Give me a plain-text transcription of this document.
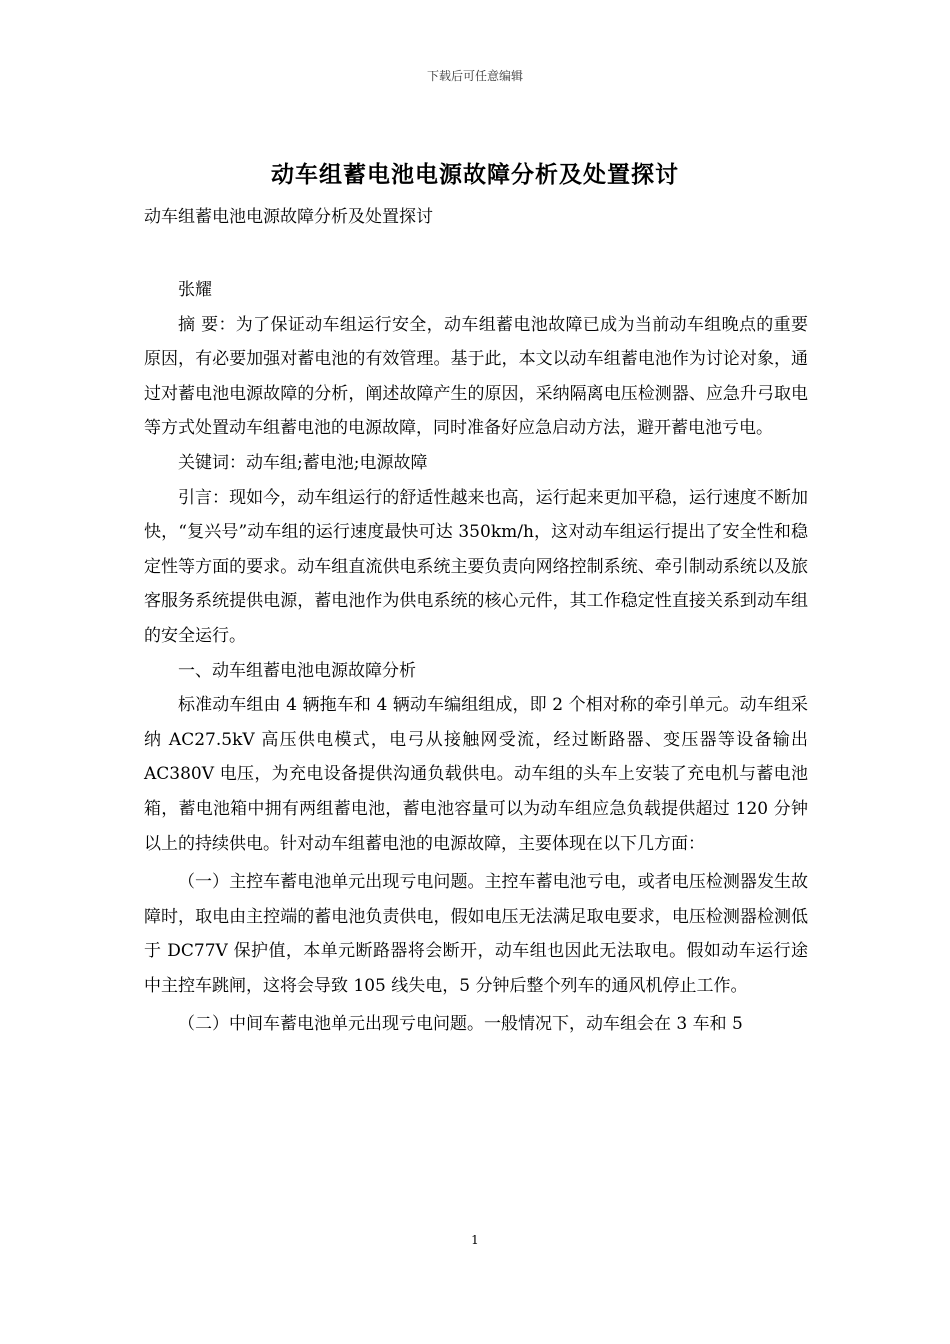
下载后可任意编辑
动车组蓄电池电源故障分析及处置探讨
动车组蓄电池电源故障分析及处置探讨

张耀

摘 要：为了保证动车组运行安全，动车组蓄电池故障已成为当前动车组晚点的重要原因，有必要加强对蓄电池的有效管理。基于此，本文以动车组蓄电池作为讨论对象，通过对蓄电池电源故障的分析，阐述故障产生的原因，采纳隔离电压检测器、应急升弓取电等方式处置动车组蓄电池的电源故障，同时准备好应急启动方法，避开蓄电池亏电。

关键词：动车组;蓄电池;电源故障

引言：现如今，动车组运行的舒适性越来也高，运行起来更加平稳，运行速度不断加快，“复兴号”动车组的运行速度最快可达 350km/h，这对动车组运行提出了安全性和稳定性等方面的要求。动车组直流供电系统主要负责向网络控制系统、牵引制动系统以及旅客服务系统提供电源，蓄电池作为供电系统的核心元件，其工作稳定性直接关系到动车组的安全运行。

一、动车组蓄电池电源故障分析

标准动车组由 4 辆拖车和 4 辆动车编组组成，即 2 个相对称的牵引单元。动车组采纳 AC27.5kV 高压供电模式，电弓从接触网受流，经过断路器、变压器等设备输出 AC380V 电压，为充电设备提供沟通负载供电。动车组的头车上安装了充电机与蓄电池箱，蓄电池箱中拥有两组蓄电池，蓄电池容量可以为动车组应急负载提供超过 120 分钟以上的持续供电。针对动车组蓄电池的电源故障，主要体现在以下几方面：

（一）主控车蓄电池单元出现亏电问题。主控车蓄电池亏电，或者电压检测器发生故障时，取电由主控端的蓄电池负责供电，假如电压无法满足取电要求，电压检测器检测低于 DC77V 保护值，本单元断路器将会断开，动车组也因此无法取电。假如动车运行途中主控车跳闸，这将会导致 105 线失电，5 分钟后整个列车的通风机停止工作。

（二）中间车蓄电池单元出现亏电问题。一般情况下，动车组会在 3 车和 5

1
